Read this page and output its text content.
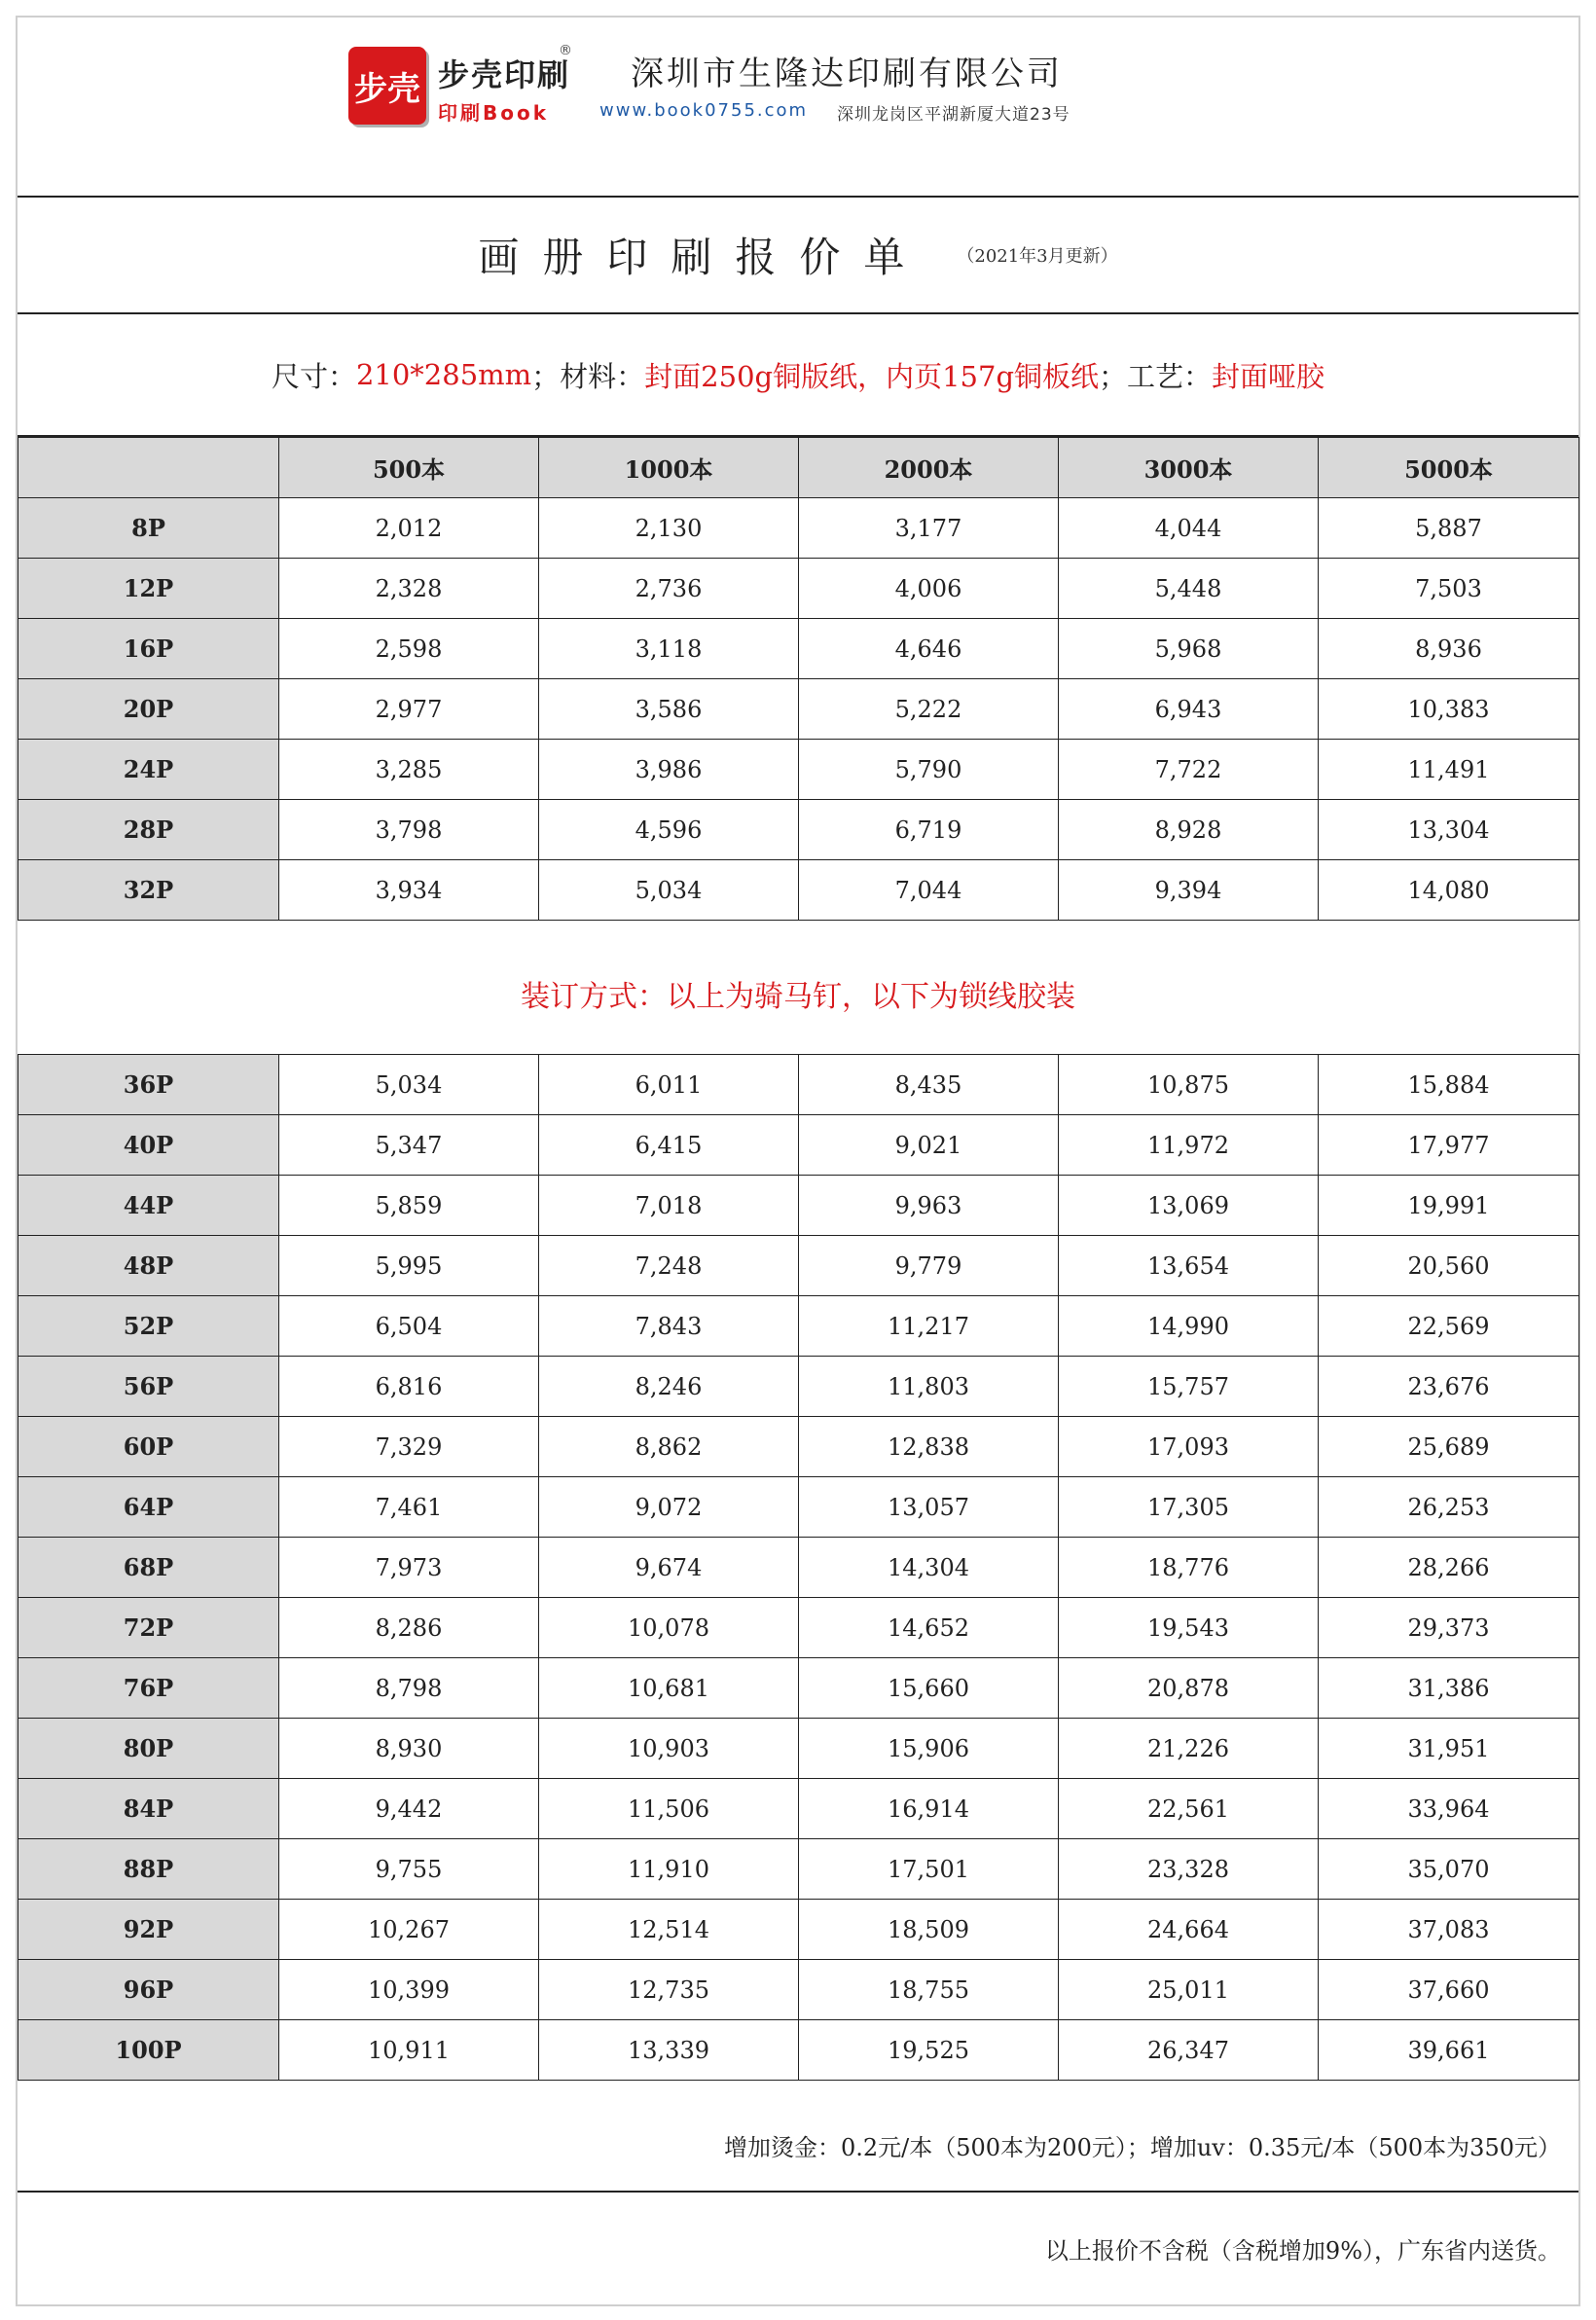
步壳 步壳印刷
印刷Book
®
深圳市生隆达印刷有限公司
www.book0755.com 深圳龙岗区平湖新厦大道23号
画册印刷报价单 （2021年3月更新）
尺寸： 210*285mm ；材料： 封面250g铜版纸，内页157g铜板纸 ；工艺： 封面哑胶
	500本	1000本	2000本	3000本	5000本
8P	2,012	2,130	3,177	4,044	5,887
12P	2,328	2,736	4,006	5,448	7,503
16P	2,598	3,118	4,646	5,968	8,936
20P	2,977	3,586	5,222	6,943	10,383
24P	3,285	3,986	5,790	7,722	11,491
28P	3,798	4,596	6,719	8,928	13,304
32P	3,934	5,034	7,044	9,394	14,080
装订方式：以上为骑马钉，以下为锁线胶装
36P	5,034	6,011	8,435	10,875	15,884
40P	5,347	6,415	9,021	11,972	17,977
44P	5,859	7,018	9,963	13,069	19,991
48P	5,995	7,248	9,779	13,654	20,560
52P	6,504	7,843	11,217	14,990	22,569
56P	6,816	8,246	11,803	15,757	23,676
60P	7,329	8,862	12,838	17,093	25,689
64P	7,461	9,072	13,057	17,305	26,253
68P	7,973	9,674	14,304	18,776	28,266
72P	8,286	10,078	14,652	19,543	29,373
76P	8,798	10,681	15,660	20,878	31,386
80P	8,930	10,903	15,906	21,226	31,951
84P	9,442	11,506	16,914	22,561	33,964
88P	9,755	11,910	17,501	23,328	35,070
92P	10,267	12,514	18,509	24,664	37,083
96P	10,399	12,735	18,755	25,011	37,660
100P	10,911	13,339	19,525	26,347	39,661
增加烫金：0.2元/本（500本为200元）；增加uv：0.35元/本（500本为350元）
以上报价不含税（含税增加9%），广东省内送货。
